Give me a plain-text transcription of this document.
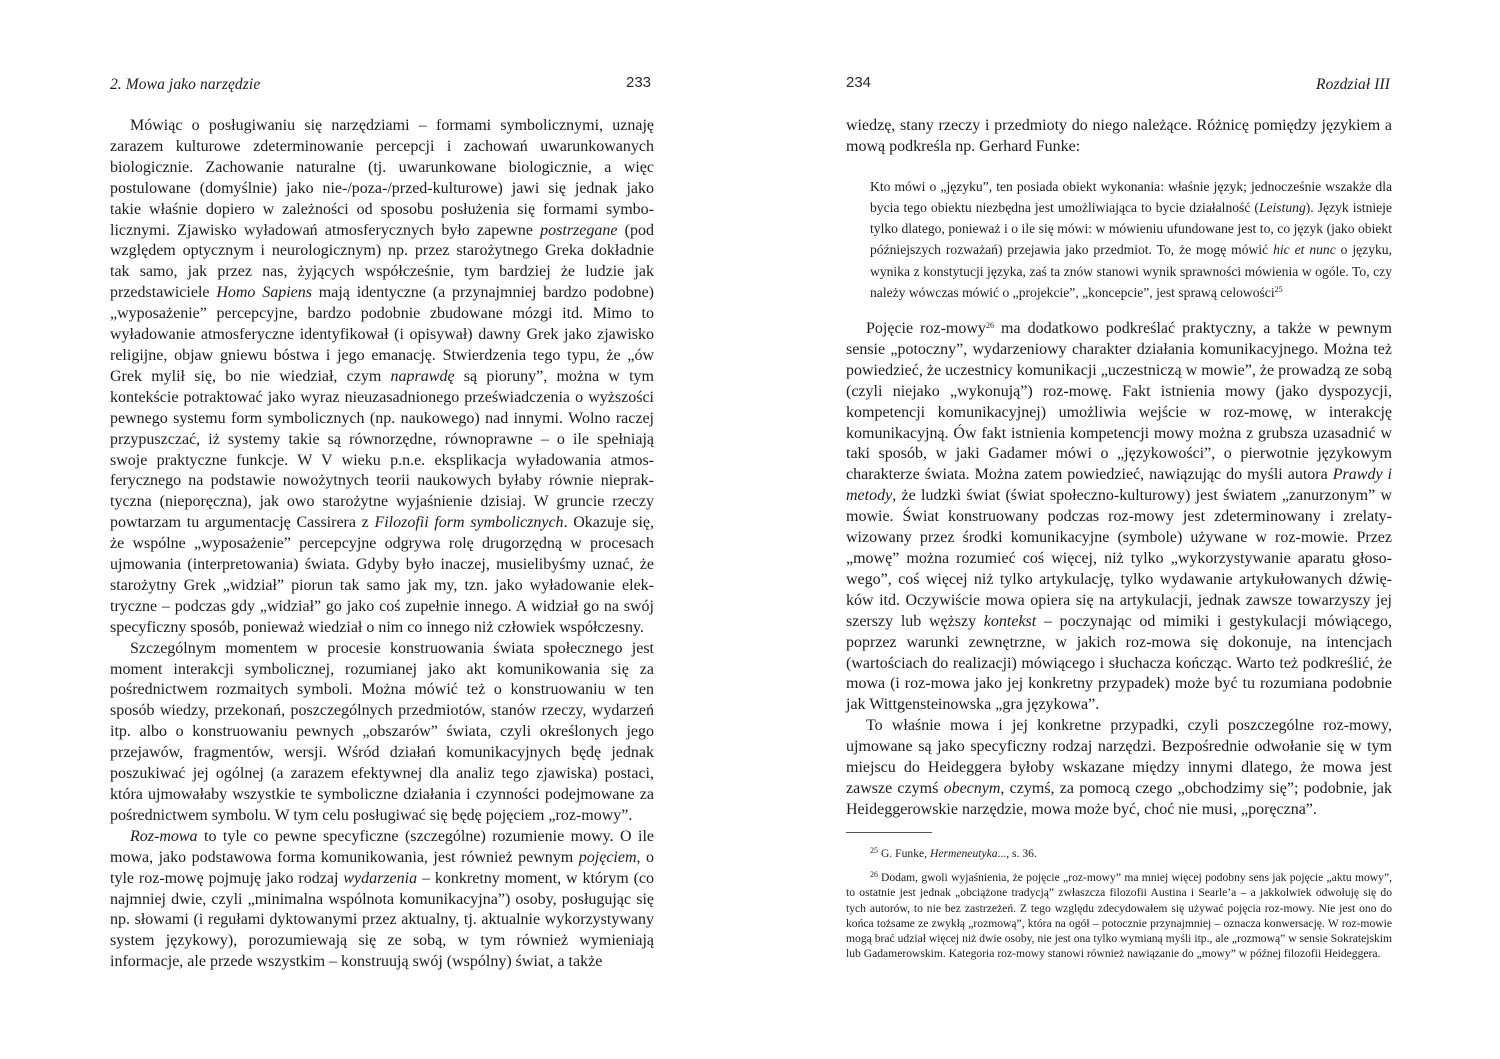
2. Mowa jako narzędzie	233

Mówiąc o posługiwaniu się narzędziami – formami symbolicznymi, uznaję zarazem kulturowe zdeterminowanie percepcji i zachowań uwarunkowanych biologicznie. Zachowanie naturalne (tj. uwarunkowane biologicznie, a więc postulowane (domyślnie) jako nie-/poza-/przed-kulturowe) jawi się jednak jako takie właśnie dopiero w zależności od sposobu posłużenia się formami symbolicznymi. Zjawisko wyładowań atmosferycznych było zapewne postrzegane (pod względem optycznym i neurologicznym) np. przez starożytnego Greka dokładnie tak samo, jak przez nas, żyjących współcześnie, tym bardziej że ludzie jak przedstawiciele Homo Sapiens mają identyczne (a przynajmniej bardzo podobne) „wyposażenie” percepcyjne, bardzo podobnie zbudowane mózgi itd. Mimo to wyładowanie atmosferyczne identyfikował (i opisywał) dawny Grek jako zjawisko religijne, objaw gniewu bóstwa i jego emanację. Stwierdzenia tego typu, że „ów Grek mylił się, bo nie wiedział, czym naprawdę są pioruny”, można w tym kontekście potraktować jako wyraz nieuzasadnionego przeświadczenia o wyższości pewnego systemu form symbolicznych (np. naukowego) nad innymi. Wolno raczej przypuszczać, iż systemy takie są równorzędne, równoprawne – o ile spełniają swoje praktyczne funkcje. W V wieku p.n.e. eksplikacja wyładowania atmosferycznego na podstawie nowożytnych teorii naukowych byłaby równie niepraktyczna (nieporęczna), jak owo starożytne wyjaśnienie dzisiaj. W gruncie rzeczy powtarzam tu argumentację Cassirera z Filozofii form symbolicznych. Okazuje się, że wspólne „wyposażenie” percepcyjne odgrywa rolę drugorzędną w procesach ujmowania (interpretowania) świata. Gdyby było inaczej, musielibyśmy uznać, że starożytny Grek „widział” piorun tak samo jak my, tzn. jako wyładowanie elektryczne – podczas gdy „widział” go jako coś zupełnie innego. A widział go na swój specyficzny sposób, ponieważ wiedział o nim co innego niż człowiek współczesny.

Szczególnym momentem w procesie konstruowania świata społecznego jest moment interakcji symbolicznej, rozumianej jako akt komunikowania się za pośrednictwem rozmaitych symboli. Można mówić też o konstruowaniu w ten sposób wiedzy, przekonań, poszczególnych przedmiotów, stanów rzeczy, wydarzeń itp. albo o konstruowaniu pewnych „obszarów” świata, czyli określonych jego przejawów, fragmentów, wersji. Wśród działań komunikacyjnych będę jednak poszukiwać jej ogólnej (a zarazem efektywnej dla analiz tego zjawiska) postaci, która ujmowałaby wszystkie te symboliczne działania i czynności podejmowane za pośrednictwem symbolu. W tym celu posługiwać się będę pojęciem „roz-mowy”.

Roz-mowa to tyle co pewne specyficzne (szczególne) rozumienie mowy. O ile mowa, jako podstawowa forma komunikowania, jest również pewnym pojęciem, o tyle roz-mowę pojmuję jako rodzaj wydarzenia – konkretny moment, w którym (co najmniej dwie, czyli „minimalna wspólnota komunikacyjna”) osoby, posługując się np. słowami (i regułami dyktowanymi przez aktualny, tj. aktualnie wykorzystywany system językowy), porozumiewają się ze sobą, w tym również wymieniają informacje, ale przede wszystkim – konstruują swój (wspólny) świat, a także

234	Rozdział III

wiedzę, stany rzeczy i przedmioty do niego należące. Różnicę pomiędzy językiem a mową podkreśla np. Gerhard Funke:

Kto mówi o „języku”, ten posiada obiekt wykonania: właśnie język; jednocześnie wszakże dla bycia tego obiektu niezbędna jest umożliwiająca to bycie działalność (Leistung). Język istnieje tylko dlatego, ponieważ i o ile się mówi: w mówieniu ufundowane jest to, co język (jako obiekt późniejszych rozważań) przejawia jako przedmiot. To, że mogę mówić hic et nunc o języku, wynika z konstytucji języka, zaś ta znów stanowi wynik sprawności mówienia w ogóle. To, czy należy wówczas mówić o „projekcie”, „koncepcie”, jest sprawą celowości$^{25}$

Pojęcie roz-mowy$^{26}$ ma dodatkowo podkreślać praktyczny, a także w pewnym sensie „potoczny”, wydarzeniowy charakter działania komunikacyjnego. Można też powiedzieć, że uczestnicy komunikacji „uczestniczą w mowie”, że prowadzą ze sobą (czyli niejako „wykonują”) roz-mowę. Fakt istnienia mowy (jako dyspozycji, kompetencji komunikacyjnej) umożliwia wejście w roz-mowę, w interakcję komunikacyjną. Ów fakt istnienia kompetencji mowy można z grubsza uzasadnić w taki sposób, w jaki Gadamer mówi o „językowości”, o pierwotnie językowym charakterze świata. Można zatem powiedzieć, nawiązując do myśli autora Prawdy i metody, że ludzki świat (świat społeczno-kulturowy) jest światem „zanurzonym” w mowie. Świat konstruowany podczas roz-mowy jest zdeterminowany i zrelatywizowany przez środki komunikacyjne (symbole) używane w roz-mowie. Przez „mowę” można rozumieć coś więcej, niż tylko „wykorzystywanie aparatu głosowego”, coś więcej niż tylko artykulację, tylko wydawanie artykułowanych dźwięków itd. Oczywiście mowa opiera się na artykulacji, jednak zawsze towarzyszy jej szerszy lub węższy kontekst – poczynając od mimiki i gestykulacji mówiącego, poprzez warunki zewnętrzne, w jakich roz-mowa się dokonuje, na intencjach (wartościach do realizacji) mówiącego i słuchacza kończąc. Warto też podkreślić, że mowa (i roz-mowa jako jej konkretny przypadek) może być tu rozumiana podobnie jak Wittgensteinowska „gra językowa”.

To właśnie mowa i jej konkretne przypadki, czyli poszczególne roz-mowy, ujmowane są jako specyficzny rodzaj narzędzi. Bezpośrednie odwołanie się w tym miejscu do Heideggera byłoby wskazane między innymi dlatego, że mowa jest zawsze czymś obecnym, czymś, za pomocą czego „obchodzimy się”; podobnie, jak Heideggerowskie narzędzie, mowa może być, choć nie musi, „poręczna”.

$^{25}$ G. Funke, Hermeneutyka..., s. 36.

$^{26}$ Dodam, gwoli wyjaśnienia, że pojęcie „roz-mowy” ma mniej więcej podobny sens jak pojęcie „aktu mowy”, to ostatnie jest jednak „obciążone tradycją” zwłaszcza filozofii Austina i Searle’a – a jakkolwiek odwołuję się do tych autorów, to nie bez zastrzeżeń. Z tego względu zdecydowałem się używać pojęcia roz-mowy. Nie jest ono do końca tożsame ze zwykłą „rozmową”, która na ogół – potocznie przynajmniej – oznacza konwersację. W roz-mowie mogą brać udział więcej niż dwie osoby, nie jest ona tylko wymianą myśli itp., ale „rozmową” w sensie Sokratejskim lub Gadamerowskim. Kategoria roz-mowy stanowi również nawiązanie do „mowy” w późnej filozofii Heideggera.
